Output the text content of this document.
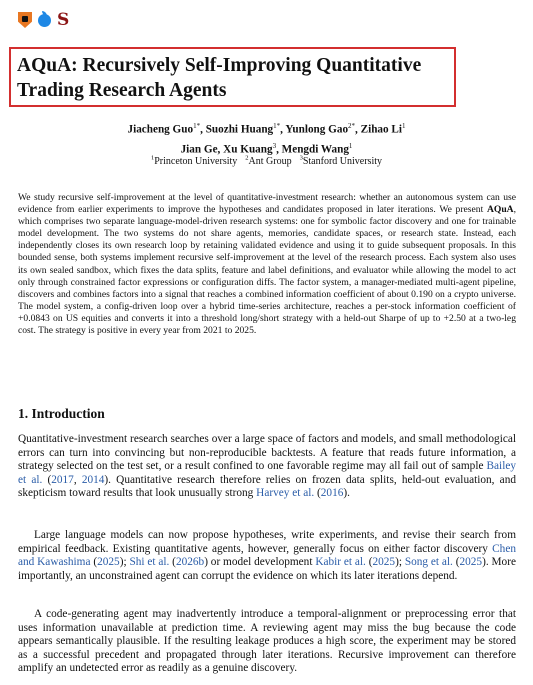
S
AQuA: Recursively Self-Improving Quantitative Trading Research Agents
Jiacheng Guo$^{1*}$, Suozhi Huang$^{1*}$, Yunlong Gao$^{2*}$, Zihao Li$^1$
Jian Ge, Xu Kuang$^3$, Mengdi Wang$^1$
$^1$Princeton University $^2$Ant Group $^3$Stanford University

We study recursive self-improvement at the level of quantitative-investment research: whether an autonomous system can use evidence from earlier experiments to improve the hypotheses and candidates proposed in later iterations. We present AQuA, which comprises two separate language-model-driven research systems: one for symbolic factor discovery and one for trainable model development. The two systems do not share agents, memories, candidate spaces, or research state. Instead, each independently closes its own research loop by retaining validated evidence and using it to guide subsequent proposals. In this bounded sense, both systems implement recursive self-improvement at the level of the research process. Each system also uses its own sealed sandbox, which fixes the data splits, feature and label definitions, and evaluator while allowing the model to act only through constrained factor expressions or configuration diffs. The factor system, a manager-mediated multi-agent pipeline, discovers and combines factors into a signal that reaches a combined information coefficient of about 0.190 on a crypto universe. The model system, a config-driven loop over a hybrid time-series architecture, reaches a per-stock information coefficient of +0.0843 on US equities and converts it into a threshold long/short strategy with a held-out Sharpe of up to +2.50 at a two-leg cost. The strategy is positive in every year from 2021 to 2025.

1. Introduction

Quantitative-investment research searches over a large space of factors and models, and small methodological errors can turn into convincing but non-reproducible backtests. A feature that reads future information, a strategy selected on the test set, or a result confined to one favorable regime may all fail out of sample Bailey et al. (2017, 2014). Quantitative research therefore relies on frozen data splits, held-out evaluation, and skepticism toward results that look unusually strong Harvey et al. (2016).

Large language models can now propose hypotheses, write experiments, and revise their search from empirical feedback. Existing quantitative agents, however, generally focus on either factor discovery Chen and Kawashima (2025); Shi et al. (2026b) or model development Kabir et al. (2025); Song et al. (2025). More importantly, an unconstrained agent can corrupt the evidence on which its later iterations depend.

A code-generating agent may inadvertently introduce a temporal-alignment or preprocessing error that uses information unavailable at prediction time. A reviewing agent may miss the bug because the code appears semantically plausible. If the resulting leakage produces a high score, the experiment may be stored as a successful precedent and propagated through later iterations. Recursive improvement can therefore amplify an undetected error as readily as a genuine discovery.
